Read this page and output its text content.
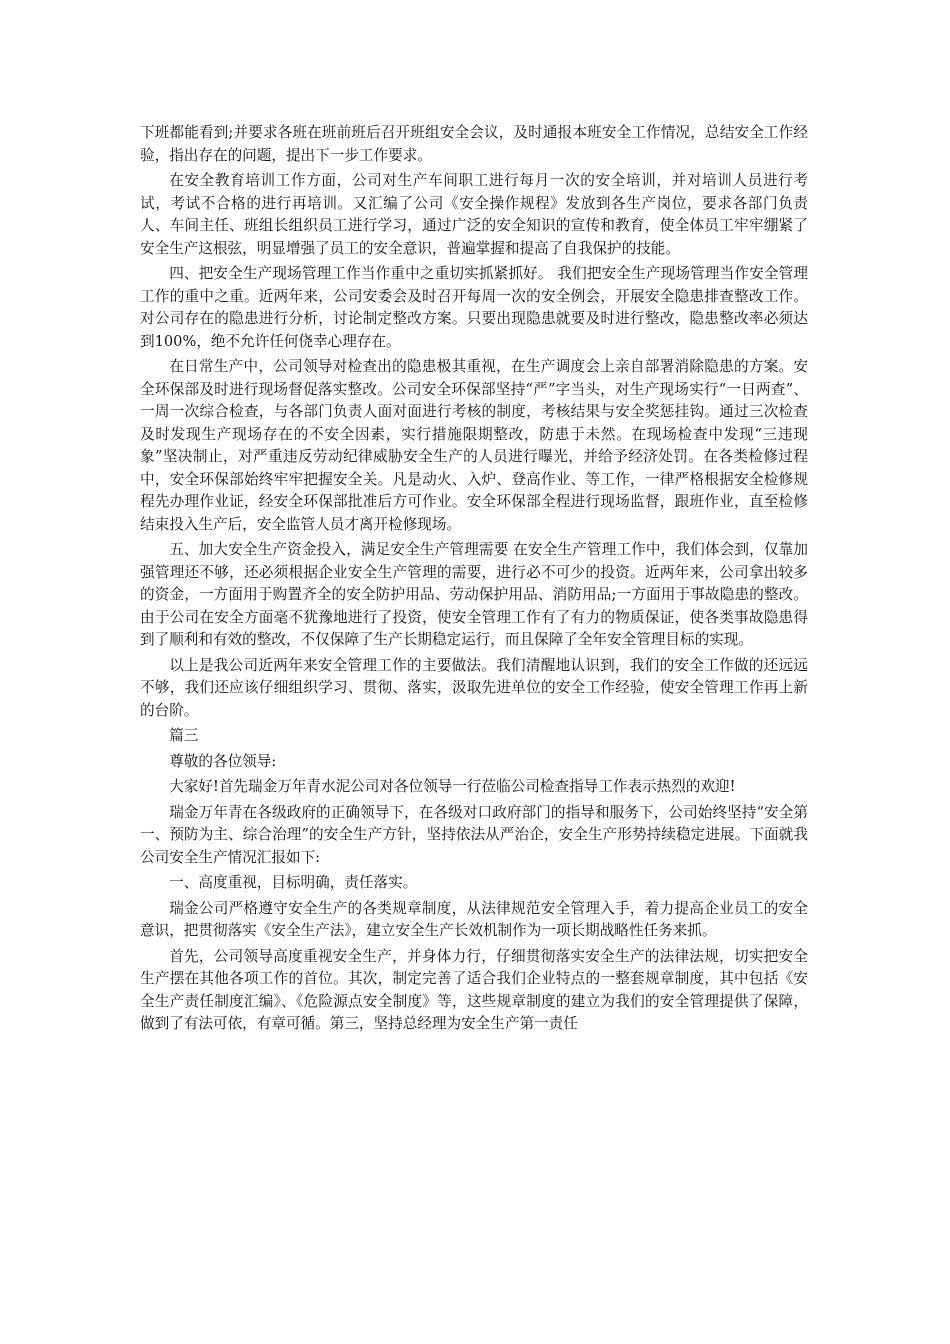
下班都能看到;并要求各班在班前班后召开班组安全会议，及时通报本班安全工作情况，总结安全工作经验，指出存在的问题，提出下一步工作要求。

在安全教育培训工作方面，公司对生产车间职工进行每月一次的安全培训，并对培训人员进行考试，考试不合格的进行再培训。又汇编了公司《安全操作规程》发放到各生产岗位，要求各部门负责人、车间主任、班组长组织员工进行学习，通过广泛的安全知识的宣传和教育，使全体员工牢牢绷紧了安全生产这根弦，明显增强了员工的安全意识，普遍掌握和提高了自我保护的技能。

四、把安全生产现场管理工作当作重中之重切实抓紧抓好。 我们把安全生产现场管理当作安全管理工作的重中之重。近两年来，公司安委会及时召开每周一次的安全例会，开展安全隐患排查整改工作。对公司存在的隐患进行分析，讨论制定整改方案。只要出现隐患就要及时进行整改，隐患整改率必须达到100%，绝不允许任何侥幸心理存在。

在日常生产中，公司领导对检查出的隐患极其重视，在生产调度会上亲自部署消除隐患的方案。安全环保部及时进行现场督促落实整改。公司安全环保部坚持“严”字当头，对生产现场实行“一日两查”、一周一次综合检查，与各部门负责人面对面进行考核的制度，考核结果与安全奖惩挂钩。通过三次检查及时发现生产现场存在的不安全因素，实行措施限期整改，防患于未然。在现场检查中发现“三违现象”坚决制止，对严重违反劳动纪律威胁安全生产的人员进行曝光，并给予经济处罚。在各类检修过程中，安全环保部始终牢牢把握安全关。凡是动火、入炉、登高作业、等工作，一律严格根据安全检修规程先办理作业证，经安全环保部批准后方可作业。安全环保部全程进行现场监督，跟班作业，直至检修结束投入生产后，安全监管人员才离开检修现场。

五、加大安全生产资金投入，满足安全生产管理需要 在安全生产管理工作中，我们体会到，仅靠加强管理还不够，还必须根据企业安全生产管理的需要，进行必不可少的投资。近两年来，公司拿出较多的资金，一方面用于购置齐全的安全防护用品、劳动保护用品、消防用品;一方面用于事故隐患的整改。由于公司在安全方面毫不犹豫地进行了投资，使安全管理工作有了有力的物质保证，使各类事故隐患得到了顺利和有效的整改，不仅保障了生产长期稳定运行，而且保障了全年安全管理目标的实现。

以上是我公司近两年来安全管理工作的主要做法。我们清醒地认识到，我们的安全工作做的还远远不够，我们还应该仔细组织学习、贯彻、落实，汲取先进单位的安全工作经验，使安全管理工作再上新的台阶。

篇三

尊敬的各位领导:

大家好!首先瑞金万年青水泥公司对各位领导一行莅临公司检查指导工作表示热烈的欢迎!

瑞金万年青在各级政府的正确领导下，在各级对口政府部门的指导和服务下，公司始终坚持“安全第一、预防为主、综合治理”的安全生产方针，坚持依法从严治企，安全生产形势持续稳定进展。下面就我公司安全生产情况汇报如下:

一、高度重视，目标明确，责任落实。

瑞金公司严格遵守安全生产的各类规章制度，从法律规范安全管理入手，着力提高企业员工的安全意识，把贯彻落实《安全生产法》，建立安全生产长效机制作为一项长期战略性任务来抓。

首先，公司领导高度重视安全生产，并身体力行，仔细贯彻落实安全生产的法律法规，切实把安全生产摆在其他各项工作的首位。其次，制定完善了适合我们企业特点的一整套规章制度，其中包括《安全生产责任制度汇编》、《危险源点安全制度》等，这些规章制度的建立为我们的安全管理提供了保障，做到了有法可依，有章可循。第三，坚持总经理为安全生产第一责任
